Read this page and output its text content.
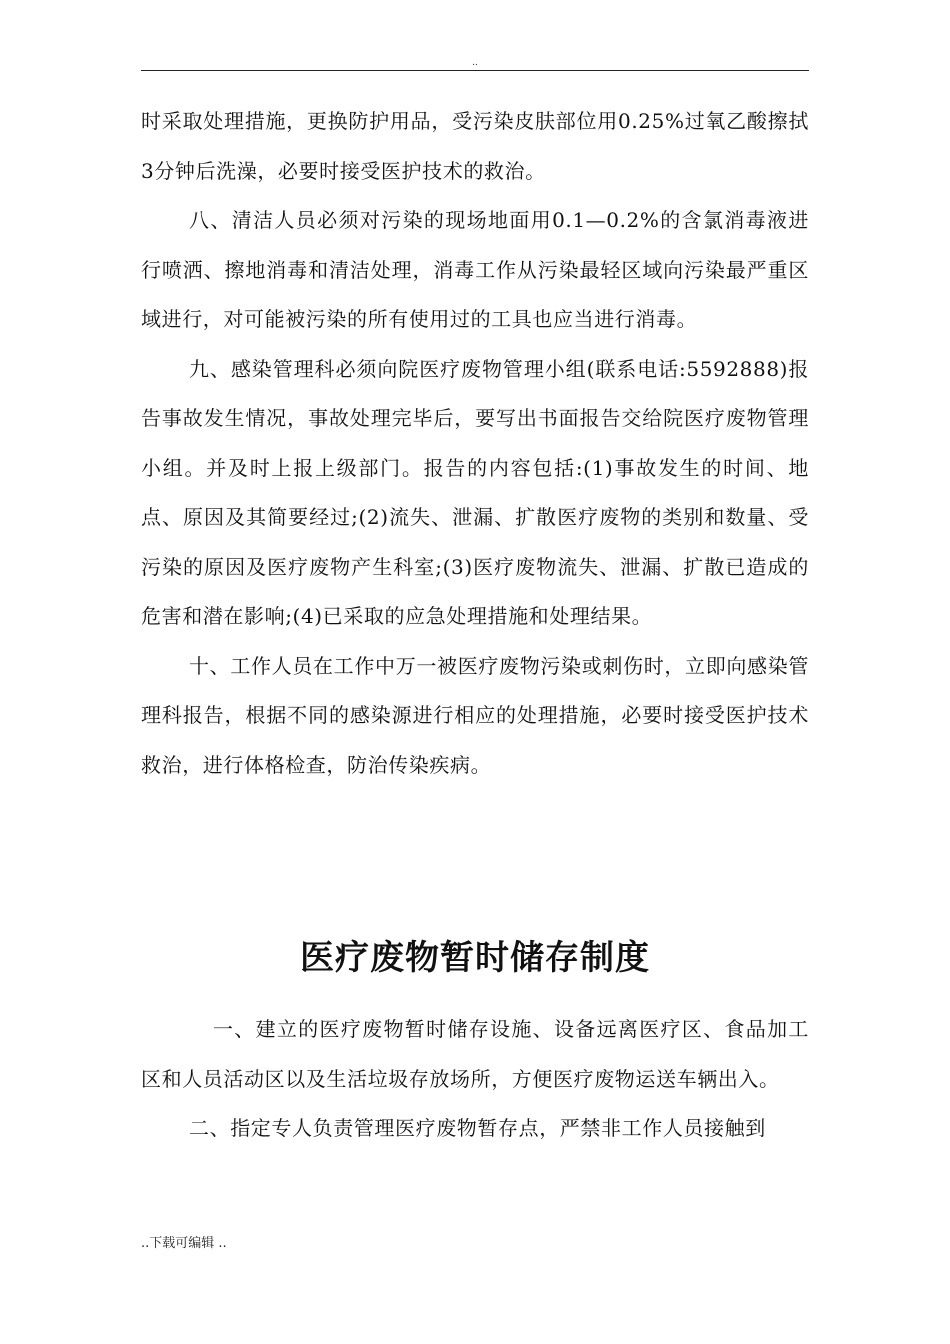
..

时采取处理措施，更换防护用品，受污染皮肤部位用0.25%过氧乙酸擦拭3分钟后洗澡，必要时接受医护技术的救治。

八、清洁人员必须对污染的现场地面用0.1—0.2%的含氯消毒液进行喷洒、擦地消毒和清洁处理，消毒工作从污染最轻区域向污染最严重区域进行，对可能被污染的所有使用过的工具也应当进行消毒。

九、感染管理科必须向院医疗废物管理小组(联系电话:5592888)报告事故发生情况，事故处理完毕后，要写出书面报告交给院医疗废物管理小组。并及时上报上级部门。报告的内容包括:(1)事故发生的时间、地点、原因及其简要经过;(2)流失、泄漏、扩散医疗废物的类别和数量、受污染的原因及医疗废物产生科室;(3)医疗废物流失、泄漏、扩散已造成的危害和潜在影响;(4)已采取的应急处理措施和处理结果。

十、工作人员在工作中万一被医疗废物污染或刺伤时，立即向感染管理科报告，根据不同的感染源进行相应的处理措施，必要时接受医护技术救治，进行体格检查，防治传染疾病。

医疗废物暂时储存制度

一、建立的医疗废物暂时储存设施、设备远离医疗区、食品加工区和人员活动区以及生活垃圾存放场所，方便医疗废物运送车辆出入。

二、指定专人负责管理医疗废物暂存点，严禁非工作人员接触到

..下载可编辑 ..
